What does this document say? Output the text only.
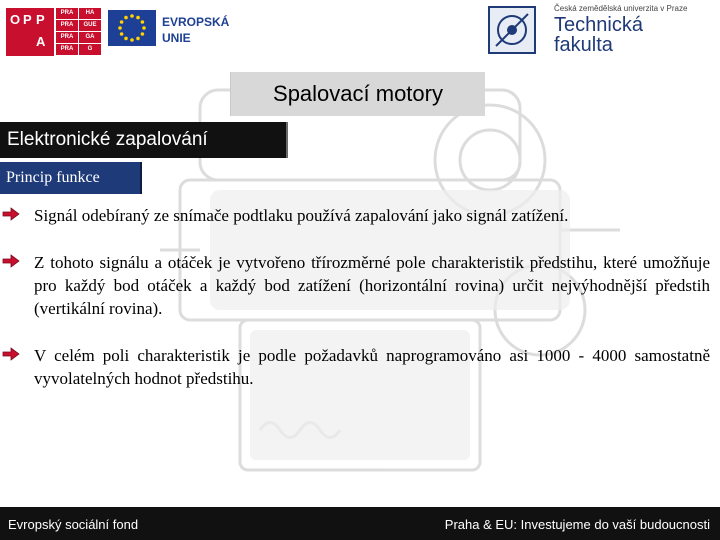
O P P
A
PRA	HA
PRA	GUE
PRA	GA
PRA	G
EVROPSKÁ
UNIE
Česká zemědělská univerzita v Praze
Technická
fakulta
Spalovací motory
Elektronické zapalování
Princip funkce
Signál odebíraný ze snímače podtlaku používá zapalování jako signál zatížení.
Z tohoto signálu a otáček je vytvořeno třírozměrné pole charakteristik předstihu, které umožňuje pro každý bod otáček a každý bod zatížení (horizontální rovina) určit nejvýhodnější předstih (vertikální rovina).
V celém poli charakteristik je podle požadavků naprogramováno asi 1000 - 4000 samostatně vyvolatelných hodnot předstihu.
Evropský sociální fond	Praha & EU: Investujeme do vaší budoucnosti
